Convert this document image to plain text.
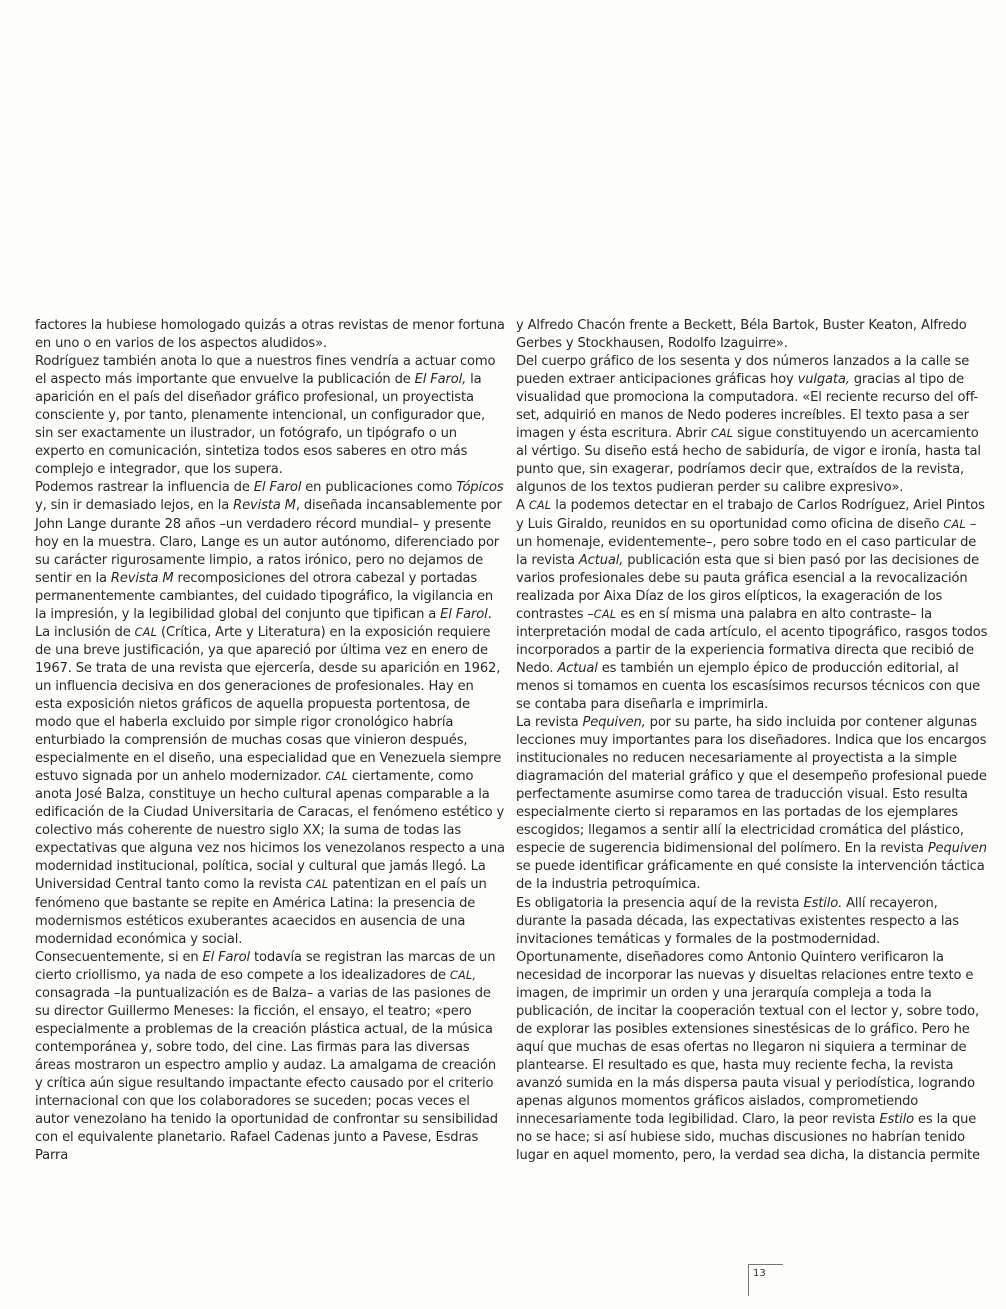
factores la hubiese homologado quizás a otras revistas de menor fortuna en uno o en varios de los aspectos aludidos».

Rodríguez también anota lo que a nuestros fines vendría a actuar como el aspecto más importante que envuelve la publicación de El Farol, la aparición en el país del diseñador gráfico profesional, un proyectista consciente y, por tanto, plenamente intencional, un configurador que, sin ser exactamente un ilustrador, un fotógrafo, un tipógrafo o un experto en comunicación, sintetiza todos esos saberes en otro más complejo e integrador, que los supera.

Podemos rastrear la influencia de El Farol en publicaciones como Tópicos y, sin ir demasiado lejos, en la Revista M, diseñada incansablemente por John Lange durante 28 años –un verdadero récord mundial– y presente hoy en la muestra. Claro, Lange es un autor autónomo, diferenciado por su carácter rigurosamente limpio, a ratos irónico, pero no dejamos de sentir en la Revista M recomposiciones del otrora cabezal y portadas permanentemente cambiantes, del cuidado tipográfico, la vigilancia en la impresión, y la legibilidad global del conjunto que tipifican a El Farol.

La inclusión de CAL (Crítica, Arte y Literatura) en la exposición requiere de una breve justificación, ya que apareció por última vez en enero de 1967. Se trata de una revista que ejercería, desde su aparición en 1962, un influencia decisiva en dos generaciones de profesionales. Hay en esta exposición nietos gráficos de aquella propuesta portentosa, de modo que el haberla excluido por simple rigor cronológico habría enturbiado la comprensión de muchas cosas que vinieron después, especialmente en el diseño, una especialidad que en Venezuela siempre estuvo signada por un anhelo modernizador. CAL ciertamente, como anota José Balza, constituye un hecho cultural apenas comparable a la edificación de la Ciudad Universitaria de Caracas, el fenómeno estético y colectivo más coherente de nuestro siglo XX; la suma de todas las expectativas que alguna vez nos hicimos los venezolanos respecto a una modernidad institucional, política, social y cultural que jamás llegó. La Universidad Central tanto como la revista CAL patentizan en el país un fenómeno que bastante se repite en América Latina: la presencia de modernismos estéticos exuberantes acaecidos en ausencia de una modernidad económica y social.

Consecuentemente, si en El Farol todavía se registran las marcas de un cierto criollismo, ya nada de eso compete a los idealizadores de CAL, consagrada –la puntualización es de Balza– a varias de las pasiones de su director Guillermo Meneses: la ficción, el ensayo, el teatro; «pero especialmente a problemas de la creación plástica actual, de la música contemporánea y, sobre todo, del cine. Las firmas para las diversas áreas mostraron un espectro amplio y audaz. La amalgama de creación y crítica aún sigue resultando impactante efecto causado por el criterio internacional con que los colaboradores se suceden; pocas veces el autor venezolano ha tenido la oportunidad de confrontar su sensibilidad con el equivalente planetario. Rafael Cadenas junto a Pavese, Esdras Parra

y Alfredo Chacón frente a Beckett, Béla Bartok, Buster Keaton, Alfredo Gerbes y Stockhausen, Rodolfo Izaguirre».

Del cuerpo gráfico de los sesenta y dos números lanzados a la calle se pueden extraer anticipaciones gráficas hoy vulgata, gracias al tipo de visualidad que promociona la computadora. «El reciente recurso del off-set, adquirió en manos de Nedo poderes increíbles. El texto pasa a ser imagen y ésta escritura. Abrir CAL sigue constituyendo un acercamiento al vértigo. Su diseño está hecho de sabiduría, de vigor e ironía, hasta tal punto que, sin exagerar, podríamos decir que, extraídos de la revista, algunos de los textos pudieran perder su calibre expresivo».

A CAL la podemos detectar en el trabajo de Carlos Rodríguez, Ariel Pintos y Luis Giraldo, reunidos en su oportunidad como oficina de diseño CAL –un homenaje, evidentemente–, pero sobre todo en el caso particular de la revista Actual, publicación esta que si bien pasó por las decisiones de varios profesionales debe su pauta gráfica esencial a la revocalización realizada por Aixa Díaz de los giros elípticos, la exageración de los contrastes –CAL es en sí misma una palabra en alto contraste– la interpretación modal de cada artículo, el acento tipográfico, rasgos todos incorporados a partir de la experiencia formativa directa que recibió de Nedo. Actual es también un ejemplo épico de producción editorial, al menos si tomamos en cuenta los escasísimos recursos técnicos con que se contaba para diseñarla e imprimirla.

La revista Pequiven, por su parte, ha sido incluida por contener algunas lecciones muy importantes para los diseñadores. Indica que los encargos institucionales no reducen necesariamente al proyectista a la simple diagramación del material gráfico y que el desempeño profesional puede perfectamente asumirse como tarea de traducción visual. Esto resulta especialmente cierto si reparamos en las portadas de los ejemplares escogidos; llegamos a sentir allí la electricidad cromática del plástico, especie de sugerencia bidimensional del polímero. En la revista Pequiven se puede identificar gráficamente en qué consiste la intervención táctica de la industria petroquímica.

Es obligatoria la presencia aquí de la revista Estilo. Allí recayeron, durante la pasada década, las expectativas existentes respecto a las invitaciones temáticas y formales de la postmodernidad.

Oportunamente, diseñadores como Antonio Quintero verificaron la necesidad de incorporar las nuevas y disueltas relaciones entre texto e imagen, de imprimir un orden y una jerarquía compleja a toda la publicación, de incitar la cooperación textual con el lector y, sobre todo, de explorar las posibles extensiones sinestésicas de lo gráfico. Pero he aquí que muchas de esas ofertas no llegaron ni siquiera a terminar de plantearse. El resultado es que, hasta muy reciente fecha, la revista avanzó sumida en la más dispersa pauta visual y periodística, logrando apenas algunos momentos gráficos aislados, comprometiendo innecesariamente toda legibilidad. Claro, la peor revista Estilo es la que no se hace; si así hubiese sido, muchas discusiones no habrían tenido lugar en aquel momento, pero, la verdad sea dicha, la distancia permite

13
